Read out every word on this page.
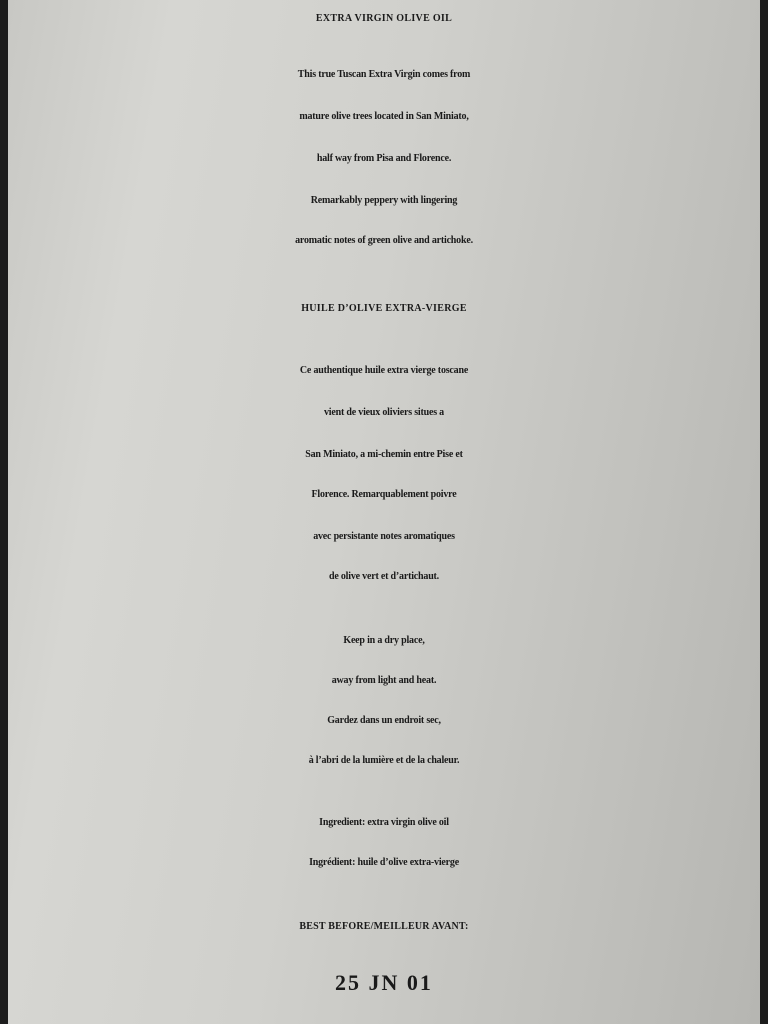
EXTRA VIRGIN OLIVE OIL
This true Tuscan Extra Virgin comes from
mature olive trees located in San Miniato,
half way from Pisa and Florence.
Remarkably peppery with lingering
aromatic notes of green olive and artichoke.
HUILE D’OLIVE EXTRA-VIERGE
Ce authentique huile extra vierge toscane
vient de vieux oliviers situes a
San Miniato, a mi-chemin entre Pise et
Florence. Remarquablement poivre
avec persistante notes aromatiques
de olive vert et d’artichaut.
Keep in a dry place,
away from light and heat.
Gardez dans un endroit sec,
à l’abri de la lumière et de la chaleur.
Ingredient: extra virgin olive oil
Ingrédient: huile d’olive extra-vierge
BEST BEFORE/MEILLEUR AVANT:
25 JN 01
